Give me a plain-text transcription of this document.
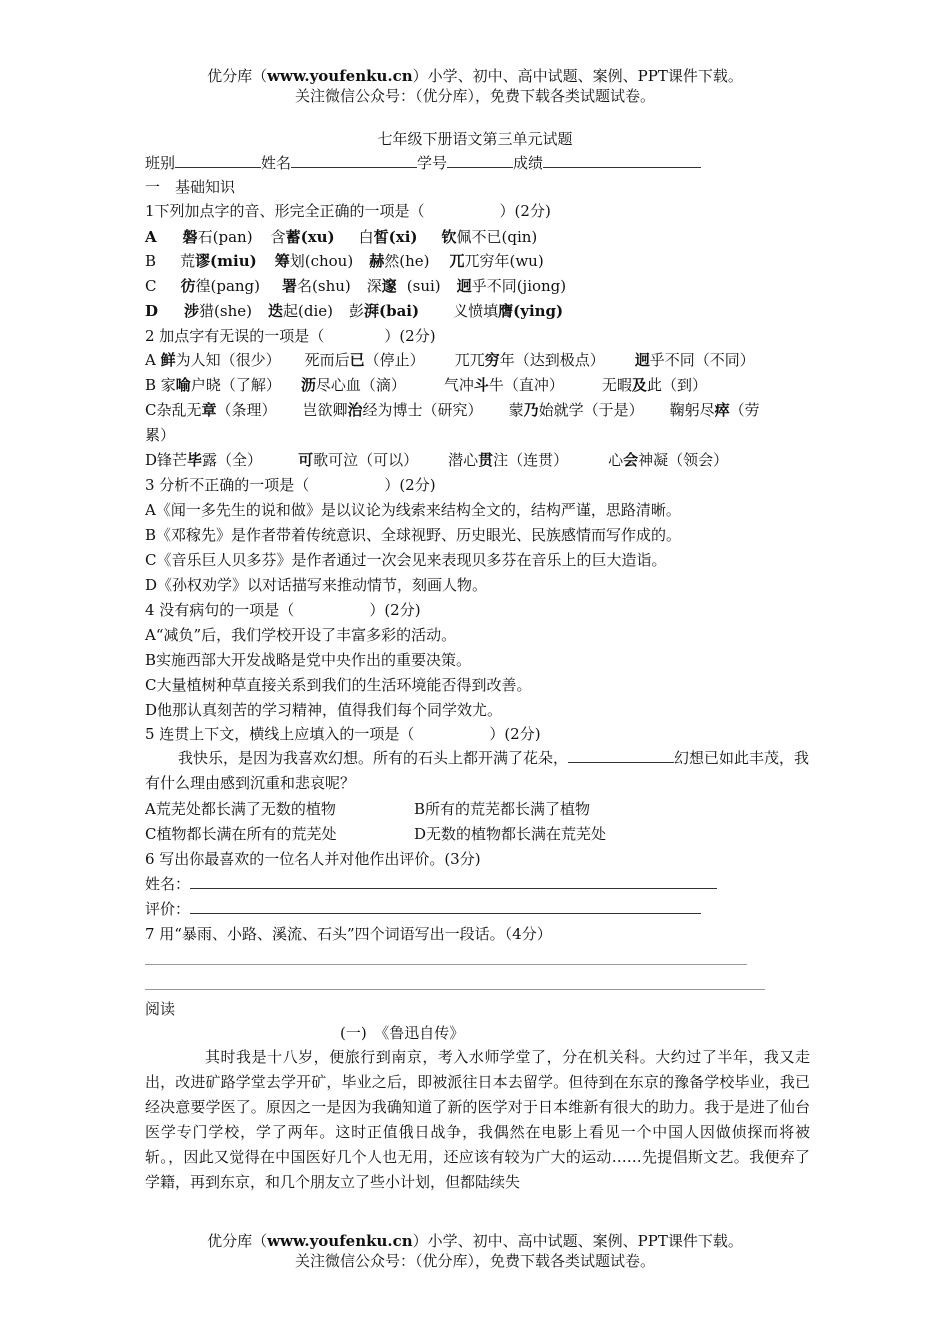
优分库（www.youfenku.cn）小学、初中、高中试题、案例、PPT课件下载。
关注微信公众号：（优分库），免费下载各类试题试卷。
七年级下册语文第三单元试题
班别	姓名	学号	成绩
一　基础知识
1下列加点字的音、形完全正确的一项是（　　　　　）(2分)
A 磐石(pan) 含蓄(xu) 白皙(xi) 钦佩不已(qin)
B 荒谬(miu) 筹划(chou) 赫然(he) 兀兀穷年(wu)
C 彷徨(pang) 署名(shu) 深邃 (sui) 迥乎不同(jiong)
D 涉猎(she) 迭起(die) 彭湃(bai) 义愤填膺(ying)
2 加点字有无误的一项是（　　　　）(2分)
A 鲜为人知（很少） 死而后已（停止） 兀兀穷年（达到极点） 迥乎不同（不同）
B 家喻户晓（了解） 沥尽心血（滴）	气冲斗牛（直冲）	无暇及此（到）
C杂乱无章（条理） 岂欲卿治经为博士（研究） 蒙乃始就学（于是） 鞠躬尽瘁（劳
累）
D锋芒毕露（全） 可歌可泣（可以） 潜心贯注（连贯）	心会神凝（领会）
3 分析不正确的一项是（　　　　　）(2分)
A《闻一多先生的说和做》是以议论为线索来结构全文的，结构严谨，思路清晰。
B《邓稼先》是作者带着传统意识、全球视野、历史眼光、民族感情而写作成的。
C《音乐巨人贝多芬》是作者通过一次会见来表现贝多芬在音乐上的巨大造诣。
D《孙权劝学》以对话描写来推动情节，刻画人物。
4 没有病句的一项是（　　　　　）(2分)
A“减负”后，我们学校开设了丰富多彩的活动。
B实施西部大开发战略是党中央作出的重要决策。
C大量植树种草直接关系到我们的生活环境能否得到改善。
D他那认真刻苦的学习精神，值得我们每个同学效尤。
5 连贯上下文，横线上应填入的一项是（　　　　　）(2分)
我快乐，是因为我喜欢幻想。所有的石头上都开满了花朵，	幻想已如此丰茂，我有什么理由感到沉重和悲哀呢？
A荒芜处都长满了无数的植物	B所有的荒芜都长满了植物
C植物都长满在所有的荒芜处	D无数的植物都长满在荒芜处
6 写出你最喜欢的一位名人并对他作出评价。(3分)
姓名：
评价：
7 用“暴雨、小路、溪流、石头”四个词语写出一段话。（4分）
阅读
(一)　《鲁迅自传》
其时我是十八岁，便旅行到南京，考入水师学堂了，分在机关科。大约过了半年，我又走出，改进矿路学堂去学开矿，毕业之后，即被派往日本去留学。但待到在东京的豫备学校毕业，我已经决意要学医了。原因之一是因为我确知道了新的医学对于日本维新有很大的助力。我于是进了仙台医学专门学校，学了两年。这时正值俄日战争，我偶然在电影上看见一个中国人因做侦探而将被斩。，因此又觉得在中国医好几个人也无用，还应该有较为广大的运动……先提倡斯文艺。我便弃了学籍，再到东京，和几个朋友立了些小计划，但都陆续失
优分库（www.youfenku.cn）小学、初中、高中试题、案例、PPT课件下载。
关注微信公众号：（优分库），免费下载各类试题试卷。
